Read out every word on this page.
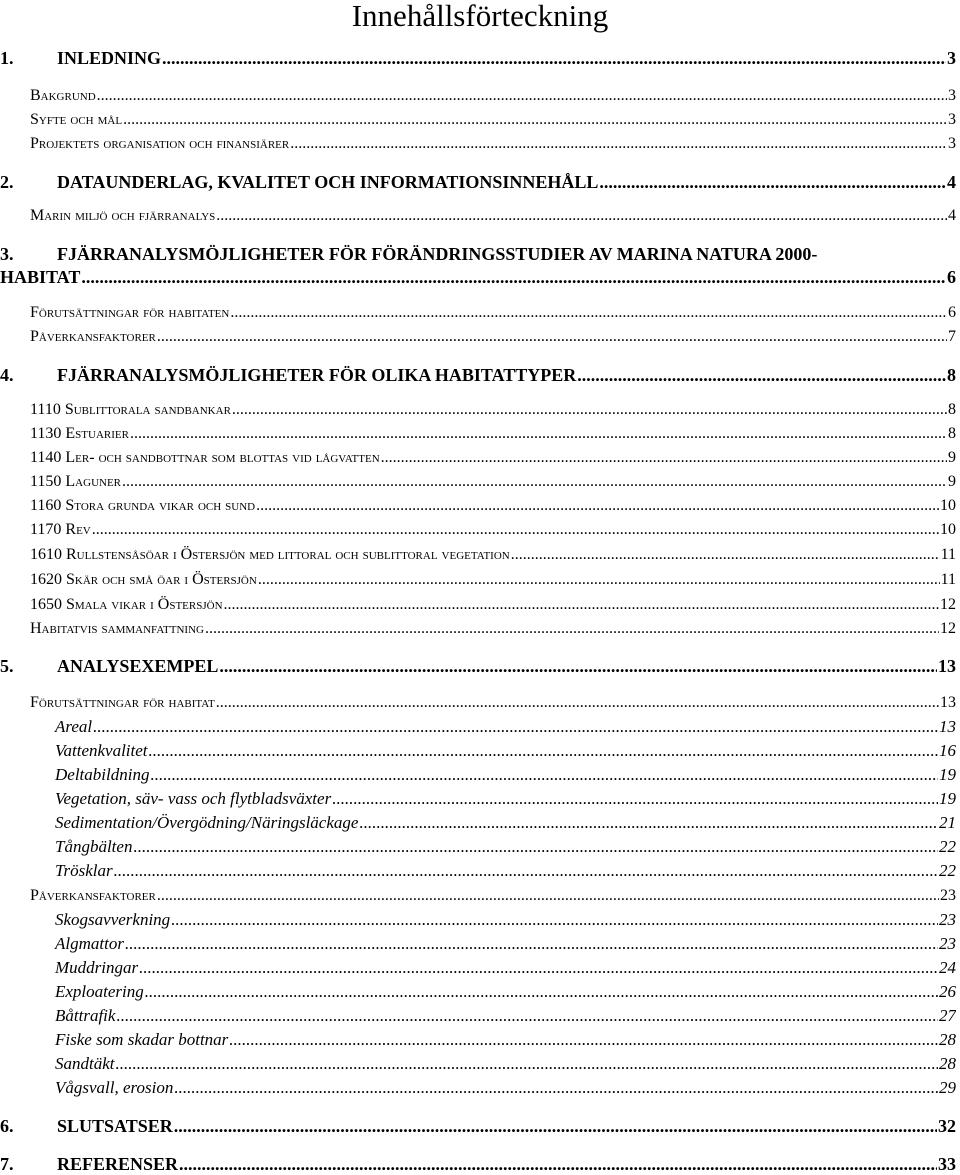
Innehållsförteckning
1.	INLEDNING .....	3
Bakgrund .....	3
Syfte och mål .....	3
Projektets organisation och finansiärer .....	3
2.	DATAUNDERLAG, KVALITET OCH INFORMATIONSINNEHÅLL .....	4
Marin miljö och fjärranalys .....	4
3. FJÄRRANALYSMÖJLIGHETER FÖR FÖRÄNDRINGSSTUDIER AV MARINA NATURA 2000-
HABITAT .....	6
Förutsättningar för habitaten .....	6
Påverkansfaktorer .....	7
4.	FJÄRRANALYSMÖJLIGHETER FÖR OLIKA HABITATTYPER .....	8
1110 Sublittorala sandbankar .....	8
1130 Estuarier .....	8
1140 Ler- och sandbottnar som blottas vid lågvatten .....	9
1150 Laguner .....	9
1160 Stora grunda vikar och sund .....	10
1170 Rev .....	10
1610 Rullstensåsöar i Östersjön med littoral och sublittoral vegetation .....	11
1620 Skär och små öar i Östersjön .....	11
1650 Smala vikar i Östersjön .....	12
Habitatvis sammanfattning .....	12
5.	ANALYSEXEMPEL .....	13
Förutsättningar för habitat .....	13
Areal .....	13
Vattenkvalitet .....	16
Deltabildning .....	19
Vegetation, säv- vass och flytbladsväxter .....	19
Sedimentation/Övergödning/Näringsläckage .....	21
Tångbälten .....	22
Trösklar .....	22
Påverkansfaktorer .....	23
Skogsavverkning .....	23
Algmattor .....	23
Muddringar .....	24
Exploatering .....	26
Båttrafik .....	27
Fiske som skadar bottnar .....	28
Sandtäkt .....	28
Vågsvall, erosion .....	29
6.	SLUTSATSER .....	32
7.	REFERENSER .....	33
